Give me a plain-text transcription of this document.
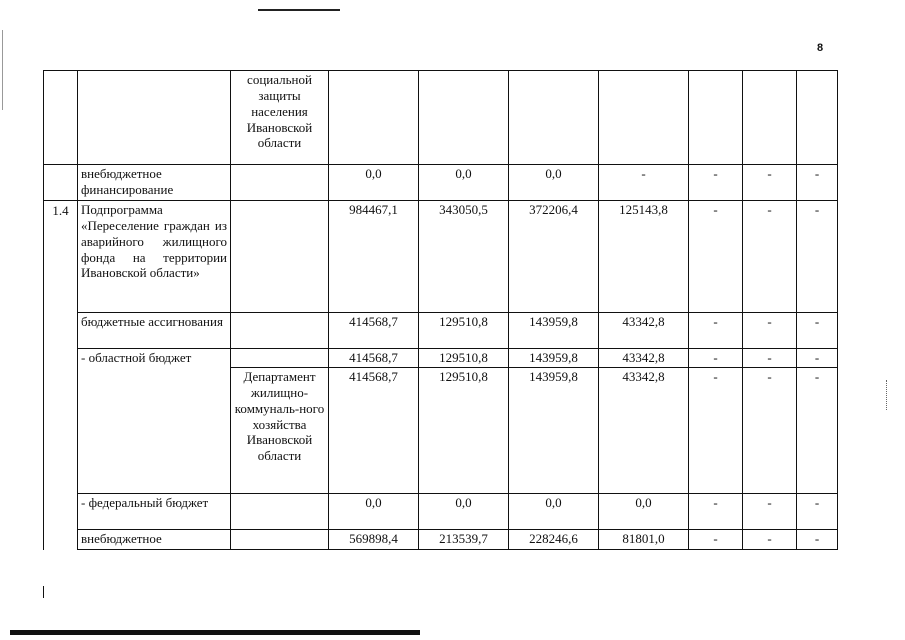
8
		социальной защиты населения Ивановской области							
	внебюджетное финансирование		0,0	0,0	0,0	-	-	-	-
1.4	Подпрограмма «Переселение граждан из аварийного жилищного фонда на территории Ивановской области»		984467,1	343050,5	372206,4	125143,8	-	-	-
	бюджетные ассигнования		414568,7	129510,8	143959,8	43342,8	-	-	-
	- областной бюджет		414568,7	129510,8	143959,8	43342,8	-	-	-
		Департамент жилищно-коммуналь-ного хозяйства Ивановской области	414568,7	129510,8	143959,8	43342,8	-	-	-
	- федеральный бюджет		0,0	0,0	0,0	0,0	-	-	-
	внебюджетное		569898,4	213539,7	228246,6	81801,0	-	-	-
